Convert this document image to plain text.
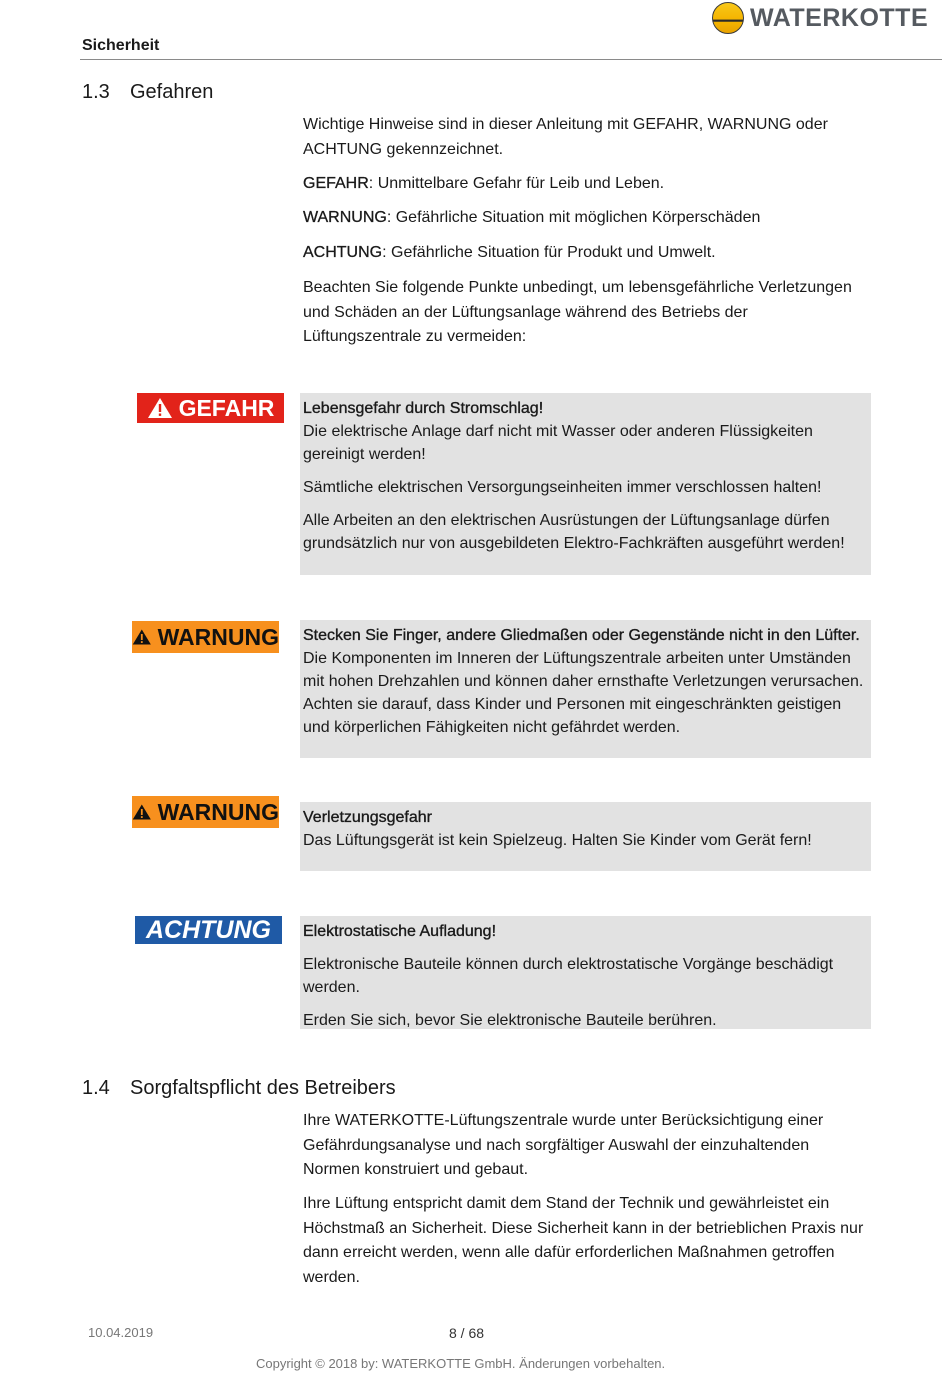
Sicherheit
WATERKOTTE
1.3 Gefahren
Wichtige Hinweise sind in dieser Anleitung mit GEFAHR, WARNUNG oder ACHTUNG gekennzeichnet.
GEFAHR: Unmittelbare Gefahr für Leib und Leben.
WARNUNG: Gefährliche Situation mit möglichen Körperschäden
ACHTUNG: Gefährliche Situation für Produkt und Umwelt.
Beachten Sie folgende Punkte unbedingt, um lebensgefährliche Verletzungen und Schäden an der Lüftungsanlage während des Betriebs der Lüftungszentrale zu vermeiden:
GEFAHR Lebensgefahr durch Stromschlag!

Die elektrische Anlage darf nicht mit Wasser oder anderen Flüssigkeiten gereinigt werden!

Sämtliche elektrischen Versorgungseinheiten immer verschlossen halten!

Alle Arbeiten an den elektrischen Ausrüstungen der Lüftungsanlage dürfen grundsätzlich nur von ausgebildeten Elektro-Fachkräften ausgeführt werden!

WARNUNG Stecken Sie Finger, andere Gliedmaßen oder Gegenstände nicht in den Lüfter.

Die Komponenten im Inneren der Lüftungszentrale arbeiten unter Umständen mit hohen Drehzahlen und können daher ernsthafte Verletzungen verursachen. Achten sie darauf, dass Kinder und Personen mit eingeschränkten geistigen und körperlichen Fähigkeiten nicht gefährdet werden.

WARNUNG Verletzungsgefahr

Das Lüftungsgerät ist kein Spielzeug. Halten Sie Kinder vom Gerät fern!

ACHTUNG Elektrostatische Aufladung!

Elektronische Bauteile können durch elektrostatische Vorgänge beschädigt werden.

Erden Sie sich, bevor Sie elektronische Bauteile berühren.

1.4 Sorgfaltspflicht des Betreibers
Ihre WATERKOTTE-Lüftungszentrale wurde unter Berücksichtigung einer Gefährdungsanalyse und nach sorgfältiger Auswahl der einzuhaltenden Normen konstruiert und gebaut.
Ihre Lüftung entspricht damit dem Stand der Technik und gewährleistet ein Höchstmaß an Sicherheit. Diese Sicherheit kann in der betrieblichen Praxis nur dann erreicht werden, wenn alle dafür erforderlichen Maßnahmen getroffen werden.
10.04.2019	8 / 68
Copyright © 2018 by: WATERKOTTE GmbH. Änderungen vorbehalten.
